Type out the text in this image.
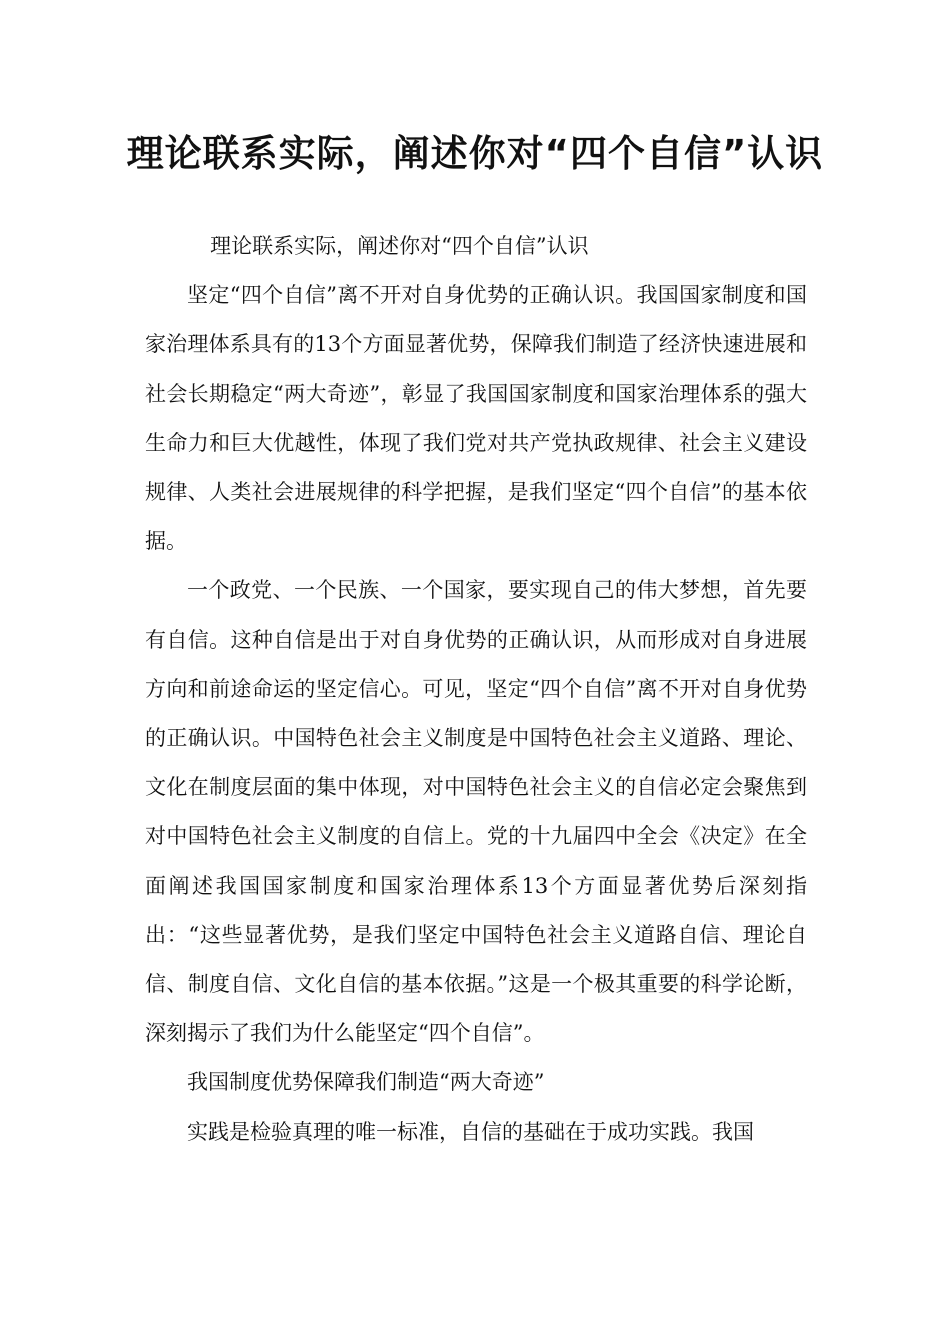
理论联系实际，阐述你对“四个自信”认识

理论联系实际，阐述你对“四个自信”认识

坚定“四个自信”离不开对自身优势的正确认识。我国国家制度和国家治理体系具有的13个方面显著优势，保障我们制造了经济快速进展和社会长期稳定“两大奇迹”，彰显了我国国家制度和国家治理体系的强大生命力和巨大优越性，体现了我们党对共产党执政规律、社会主义建设规律、人类社会进展规律的科学把握，是我们坚定“四个自信”的基本依据。

一个政党、一个民族、一个国家，要实现自己的伟大梦想，首先要有自信。这种自信是出于对自身优势的正确认识，从而形成对自身进展方向和前途命运的坚定信心。可见，坚定“四个自信”离不开对自身优势的正确认识。中国特色社会主义制度是中国特色社会主义道路、理论、文化在制度层面的集中体现，对中国特色社会主义的自信必定会聚焦到对中国特色社会主义制度的自信上。党的十九届四中全会《决定》在全面阐述我国国家制度和国家治理体系13个方面显著优势后深刻指出：“这些显著优势，是我们坚定中国特色社会主义道路自信、理论自信、制度自信、文化自信的基本依据。”这是一个极其重要的科学论断，深刻揭示了我们为什么能坚定“四个自信”。

我国制度优势保障我们制造“两大奇迹”

实践是检验真理的唯一标准，自信的基础在于成功实践。我国
